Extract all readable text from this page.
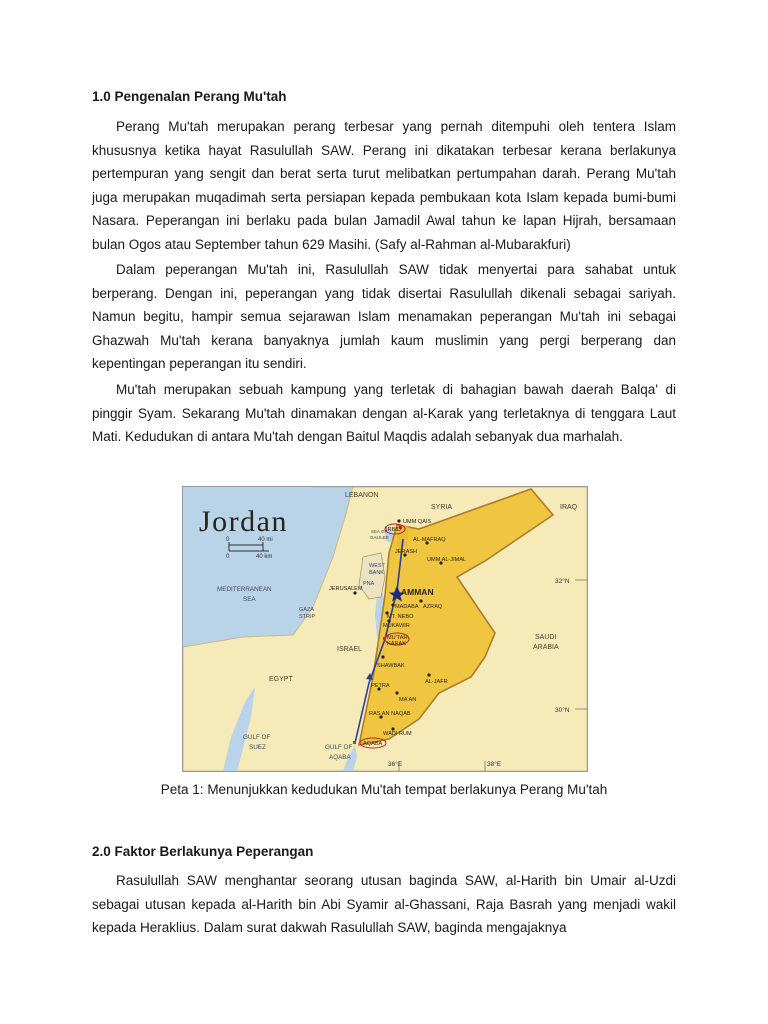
1.0 Pengenalan Perang Mu'tah

Perang Mu'tah merupakan perang terbesar yang pernah ditempuhi oleh tentera Islam khususnya ketika hayat Rasulullah SAW. Perang ini dikatakan terbesar kerana berlakunya pertempuran yang sengit dan berat serta turut melibatkan pertumpahan darah. Perang Mu'tah juga merupakan muqadimah serta persiapan kepada pembukaan kota Islam kepada bumi-bumi Nasara. Peperangan ini berlaku pada bulan Jamadil Awal tahun ke lapan Hijrah, bersamaan bulan Ogos atau September tahun 629 Masihi. (Safy al-Rahman al-Mubarakfuri)

Dalam peperangan Mu'tah ini, Rasulullah SAW tidak menyertai para sahabat untuk berperang. Dengan ini, peperangan yang tidak disertai Rasulullah dikenali sebagai sariyah. Namun begitu, hampir semua sejarawan Islam menamakan peperangan Mu'tah ini sebagai Ghazwah Mu'tah kerana banyaknya jumlah kaum muslimin yang pergi berperang dan kepentingan peperangan itu sendiri.

Mu'tah merupakan sebuah kampung yang terletak di bahagian bawah daerah Balqa' di pinggir Syam. Sekarang Mu'tah dinamakan dengan al-Karak yang terletaknya di tenggara Laut Mati. Kedudukan di antara Mu'tah dengan Baitul Maqdis adalah sebanyak dua marhalah.

32°N
30°N
36°E	38°E
Jordan
0	40 mi
0	40 km
LEBANON
SYRIA	IRAQ
SAUDI
ARABIA
EGYPT
ISRAEL
MEDITERRANEAN
SEA
GULF OF
SUEZ	GULF OF
AQABA
SEA OF
GALILEE
WEST
BANK
GAZA
STRIP
PNA
UMM QAIS
IRBID
AL-MAFRAQ
UMM AL-JIMAL
JERASH
AMMAN
AZRAQ
MADABA
MT. NEBO
MUKAWIR
MU'TAH
KARAK
JERUSALEM
SHAWBAK
AL-JAFR
PETRA
MA'AN
RAS AN NAQAB
WADI RUM
AQABA
Peta 1: Menunjukkan kedudukan Mu'tah tempat berlakunya Perang Mu'tah
2.0 Faktor Berlakunya Peperangan

Rasulullah SAW menghantar seorang utusan baginda SAW, al-Harith bin Umair al-Uzdi sebagai utusan kepada al-Harith bin Abi Syamir al-Ghassani, Raja Basrah yang menjadi wakil kepada Heraklius. Dalam surat dakwah Rasulullah SAW, baginda mengajaknya
